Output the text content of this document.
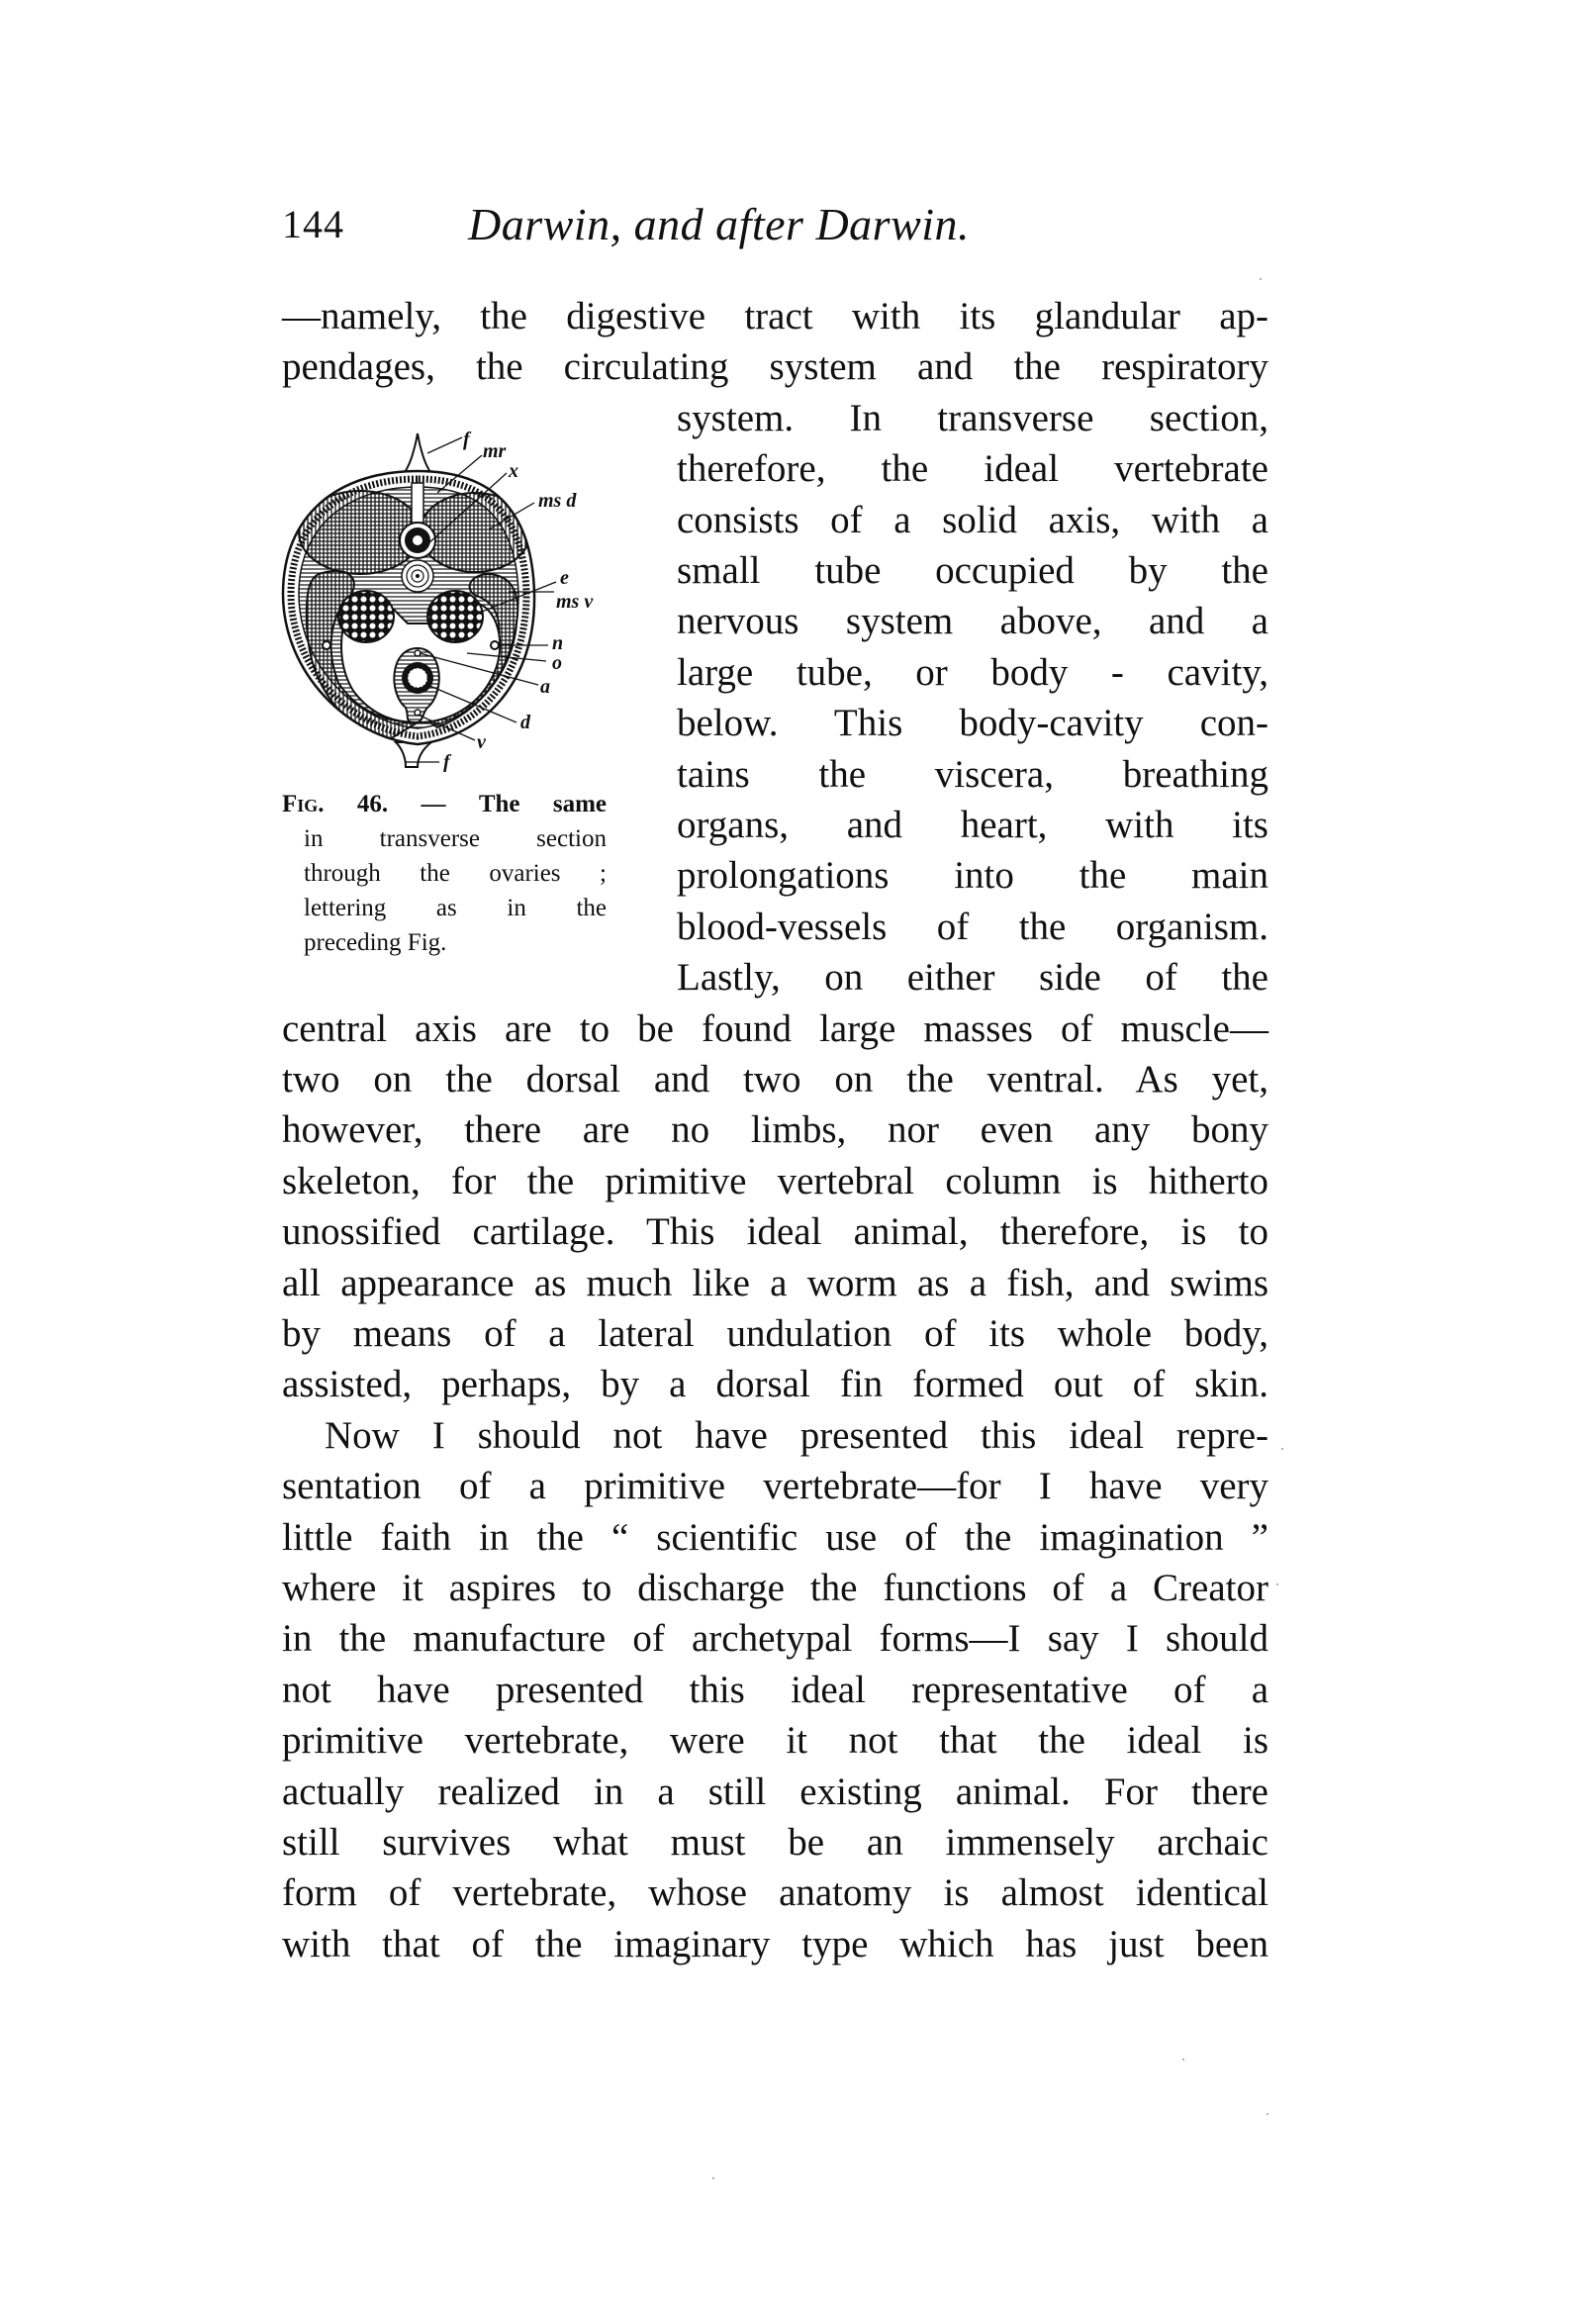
144	Darwin, and after Darwin.
f
mr
x
ms d
e
ms v
n
o
a
d
v
f
Fig. 46. — The same
in transverse section
through the ovaries ;
lettering as in the
preceding Fig.
—namely, the digestive tract with its glandular ap-
pendages, the circulating system and the respiratory
system. In transverse section,
therefore, the ideal vertebrate
consists of a solid axis, with a
small tube occupied by the
nervous system above, and a
large tube, or body - cavity,
below. This body-cavity con-
tains the viscera, breathing
organs, and heart, with its
prolongations into the main
blood-vessels of the organism.
Lastly, on either side of the
central axis are to be found large masses of muscle—
two on the dorsal and two on the ventral. As yet,
however, there are no limbs, nor even any bony
skeleton, for the primitive vertebral column is hitherto
unossified cartilage. This ideal animal, therefore, is to
all appearance as much like a worm as a fish, and swims
by means of a lateral undulation of its whole body,
assisted, perhaps, by a dorsal fin formed out of skin.
Now I should not have presented this ideal repre-
sentation of a primitive vertebrate—for I have very
little faith in the “ scientific use of the imagination ”
where it aspires to discharge the functions of a Creator
in the manufacture of archetypal forms—I say I should
not have presented this ideal representative of a
primitive vertebrate, were it not that the ideal is
actually realized in a still existing animal. For there
still survives what must be an immensely archaic
form of vertebrate, whose anatomy is almost identical
with that of the imaginary type which has just been
